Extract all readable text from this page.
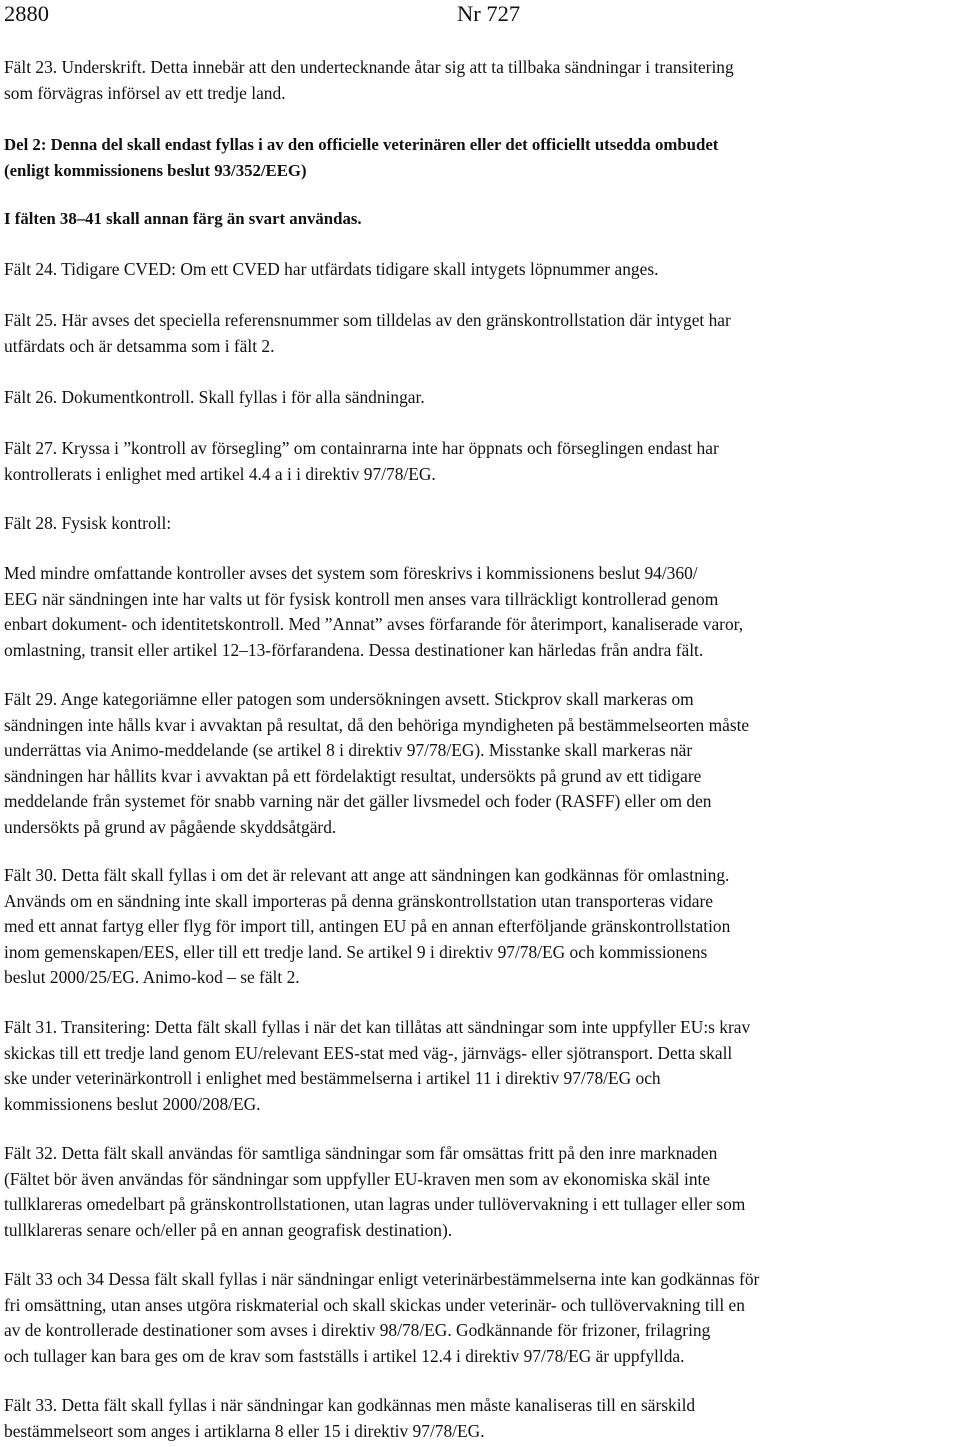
2880	Nr 727

Fält 23. Underskrift. Detta innebär att den undertecknande åtar sig att ta tillbaka sändningar i transitering
som förvägras införsel av ett tredje land.

Del 2: Denna del skall endast fyllas i av den officielle veterinären eller det officiellt utsedda ombudet
(enligt kommissionens beslut 93/352/EEG)

I fälten 38–41 skall annan färg än svart användas.

Fält 24. Tidigare CVED: Om ett CVED har utfärdats tidigare skall intygets löpnummer anges.

Fält 25. Här avses det speciella referensnummer som tilldelas av den gränskontrollstation där intyget har
utfärdats och är detsamma som i fält 2.

Fält 26. Dokumentkontroll. Skall fyllas i för alla sändningar.

Fält 27. Kryssa i ”kontroll av försegling” om containrarna inte har öppnats och förseglingen endast har
kontrollerats i enlighet med artikel 4.4 a i i direktiv 97/78/EG.

Fält 28. Fysisk kontroll:

Med mindre omfattande kontroller avses det system som föreskrivs i kommissionens beslut 94/360/
EEG när sändningen inte har valts ut för fysisk kontroll men anses vara tillräckligt kontrollerad genom
enbart dokument- och identitetskontroll. Med ”Annat” avses förfarande för återimport, kanaliserade varor,
omlastning, transit eller artikel 12–13-förfarandena. Dessa destinationer kan härledas från andra fält.

Fält 29. Ange kategoriämne eller patogen som undersökningen avsett. Stickprov skall markeras om
sändningen inte hålls kvar i avvaktan på resultat, då den behöriga myndigheten på bestämmelseorten måste
underrättas via Animo-meddelande (se artikel 8 i direktiv 97/78/EG). Misstanke skall markeras när
sändningen har hållits kvar i avvaktan på ett fördelaktigt resultat, undersökts på grund av ett tidigare
meddelande från systemet för snabb varning när det gäller livsmedel och foder (RASFF) eller om den
undersökts på grund av pågående skyddsåtgärd.

Fält 30. Detta fält skall fyllas i om det är relevant att ange att sändningen kan godkännas för omlastning.
Används om en sändning inte skall importeras på denna gränskontrollstation utan transporteras vidare
med ett annat fartyg eller flyg för import till, antingen EU på en annan efterföljande gränskontrollstation
inom gemenskapen/EES, eller till ett tredje land. Se artikel 9 i direktiv 97/78/EG och kommissionens
beslut 2000/25/EG. Animo-kod – se fält 2.

Fält 31. Transitering: Detta fält skall fyllas i när det kan tillåtas att sändningar som inte uppfyller EU:s krav
skickas till ett tredje land genom EU/relevant EES-stat med väg-, järnvägs- eller sjötransport. Detta skall
ske under veterinärkontroll i enlighet med bestämmelserna i artikel 11 i direktiv 97/78/EG och
kommissionens beslut 2000/208/EG.

Fält 32. Detta fält skall användas för samtliga sändningar som får omsättas fritt på den inre marknaden
(Fältet bör även användas för sändningar som uppfyller EU-kraven men som av ekonomiska skäl inte
tullklareras omedelbart på gränskontrollstationen, utan lagras under tullövervakning i ett tullager eller som
tullklareras senare och/eller på en annan geografisk destination).

Fält 33 och 34 Dessa fält skall fyllas i när sändningar enligt veterinärbestämmelserna inte kan godkännas för
fri omsättning, utan anses utgöra riskmaterial och skall skickas under veterinär- och tullövervakning till en
av de kontrollerade destinationer som avses i direktiv 98/78/EG. Godkännande för frizoner, frilagring
och tullager kan bara ges om de krav som fastställs i artikel 12.4 i direktiv 97/78/EG är uppfyllda.

Fält 33. Detta fält skall fyllas i när sändningar kan godkännas men måste kanaliseras till en särskild
bestämmelseort som anges i artiklarna 8 eller 15 i direktiv 97/78/EG.
